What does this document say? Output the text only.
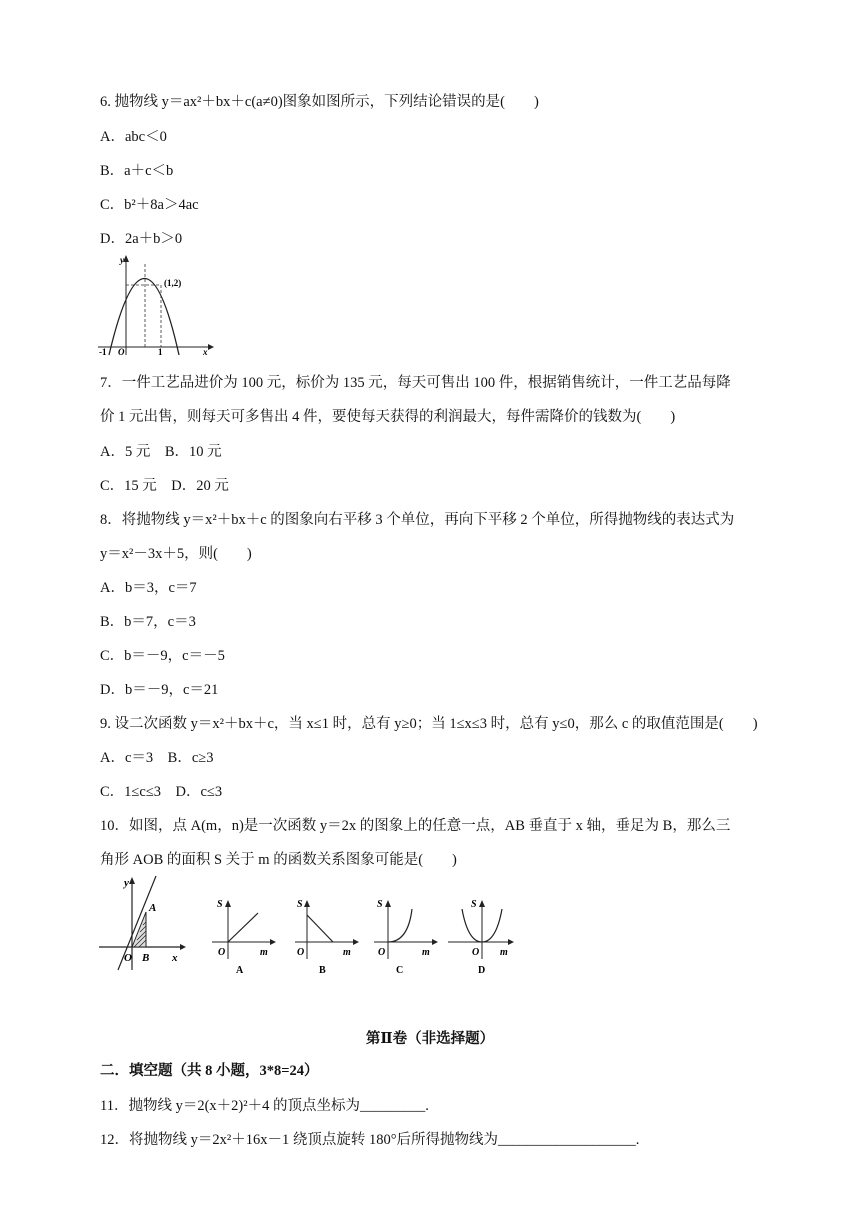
6. 抛物线 y＝ax²＋bx＋c(a≠0)图象如图所示，下列结论错误的是(　　)
A．abc＜0
B．a＋c＜b
C．b²＋8a＞4ac
D．2a＋b＞0
y
(1,2)
x
O
-1	1
7．一件工艺品进价为 100 元，标价为 135 元，每天可售出 100 件，根据销售统计，一件工艺品每降
价 1 元出售，则每天可多售出 4 件，要使每天获得的利润最大，每件需降价的钱数为(　　)
A．5 元　B．10 元
C．15 元　D．20 元
8．将抛物线 y＝x²＋bx＋c 的图象向右平移 3 个单位，再向下平移 2 个单位，所得抛物线的表达式为
y＝x²－3x＋5，则(　　)
A．b＝3，c＝7
B．b＝7，c＝3
C．b＝－9，c＝－5
D．b＝－9，c＝21
9. 设二次函数 y＝x²＋bx＋c，当 x≤1 时，总有 y≥0；当 1≤x≤3 时，总有 y≤0，那么 c 的取值范围是(　　)
A．c＝3　B．c≥3
C．1≤c≤3　D．c≤3
10．如图，点 A(m，n)是一次函数 y＝2x 的图象上的任意一点，AB 垂直于 x 轴，垂足为 B，那么三
角形 AOB 的面积 S 关于 m 的函数关系图象可能是(　　)
y
A
O B x
S
O	m
A
S
O	m
B
S
O	m
C
S
O m
D
第Ⅱ卷（非选择题）
二．填空题（共 8 小题，3*8=24）
11．抛物线 y＝2(x＋2)²＋4 的顶点坐标为_________.
12．将抛物线 y＝2x²＋16x－1 绕顶点旋转 180°后所得抛物线为___________________.
